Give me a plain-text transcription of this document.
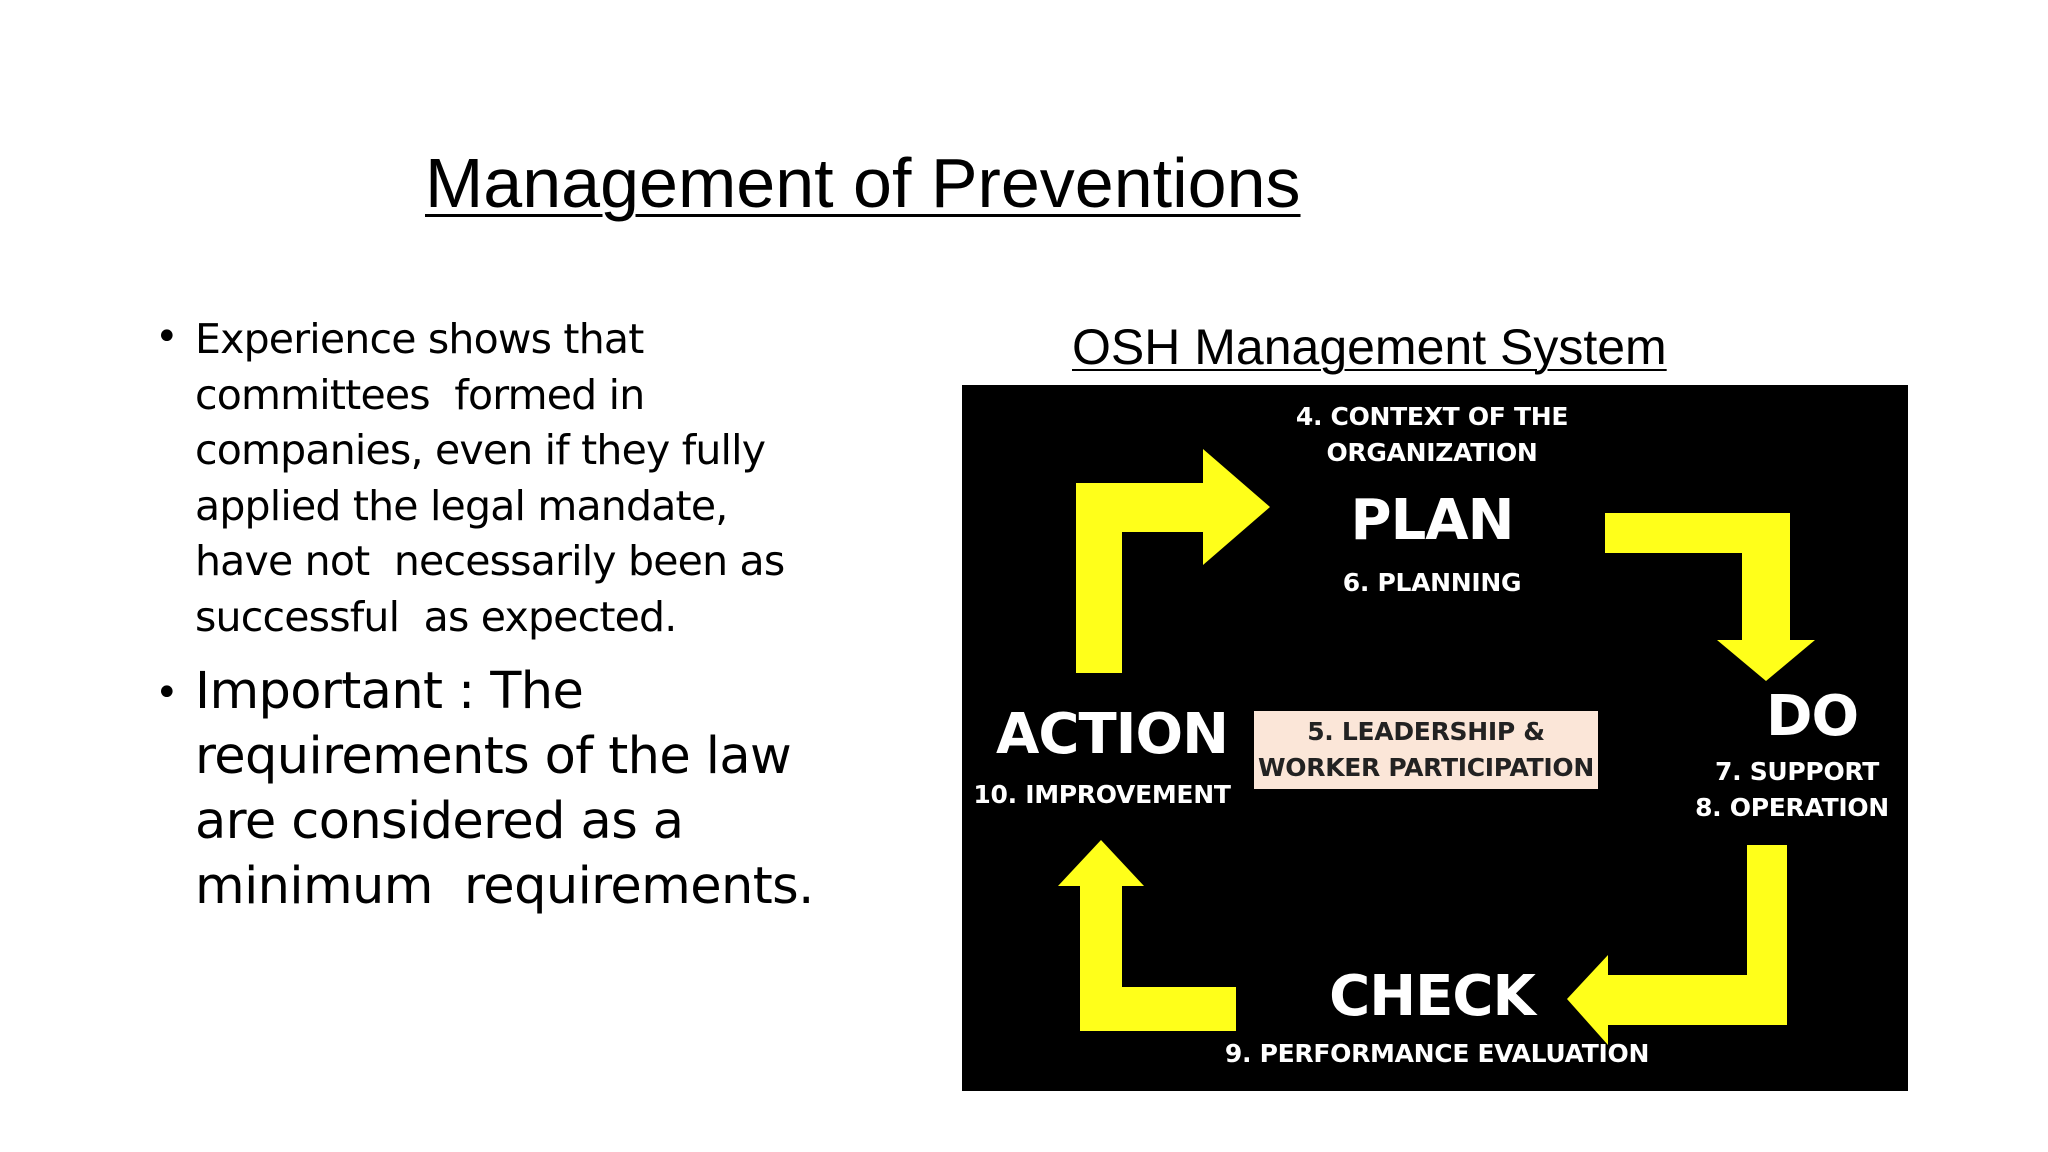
Management of Preventions
• Experience shows that
committees  formed in
companies, even if they fully
applied the legal mandate,
have not  necessarily been as
successful  as expected.
• Important : The
requirements of the law
are considered as a
minimum  requirements.
OSH Management System
4. CONTEXT OF THE
ORGANIZATION
PLAN
6. PLANNING
DO
7. SUPPORT
8. OPERATION
ACTION
10. IMPROVEMENT
CHECK
9. PERFORMANCE EVALUATION
5. LEADERSHIP &
WORKER PARTICIPATION
